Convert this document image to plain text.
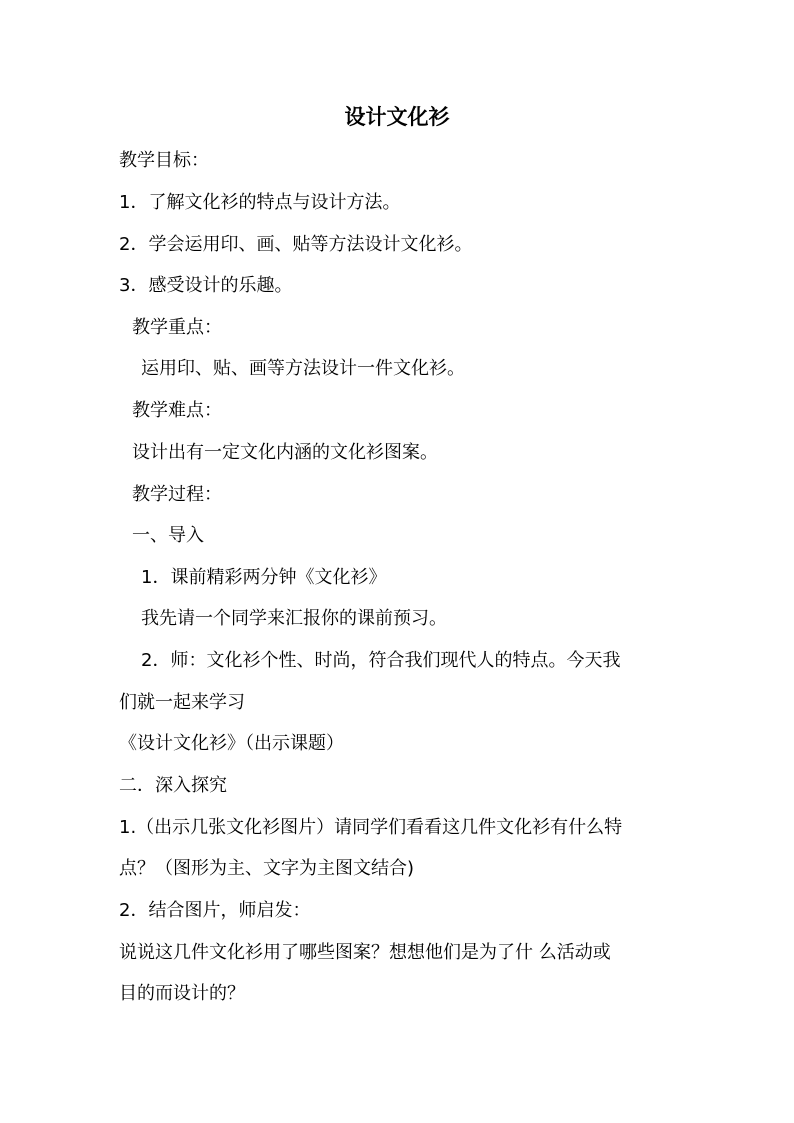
设计文化衫
教学目标：
1．了解文化衫的特点与设计方法。
2．学会运用印、画、贴等方法设计文化衫。
3．感受设计的乐趣。
教学重点：
运用印、贴、画等方法设计一件文化衫。
教学难点：
设计出有一定文化内涵的文化衫图案。
教学过程：
一、导入
1．课前精彩两分钟《文化衫》
我先请一个同学来汇报你的课前预习。
2．师：文化衫个性、时尚，符合我们现代人的特点。今天我
们就一起来学习
《设计文化衫》（出示课题）
二．深入探究
1.（出示几张文化衫图片）请同学们看看这几件文化衫有什么特
点？（图形为主、文字为主图文结合)
2．结合图片，师启发：
说说这几件文化衫用了哪些图案？想想他们是为了什 么活动或
目的而设计的？
